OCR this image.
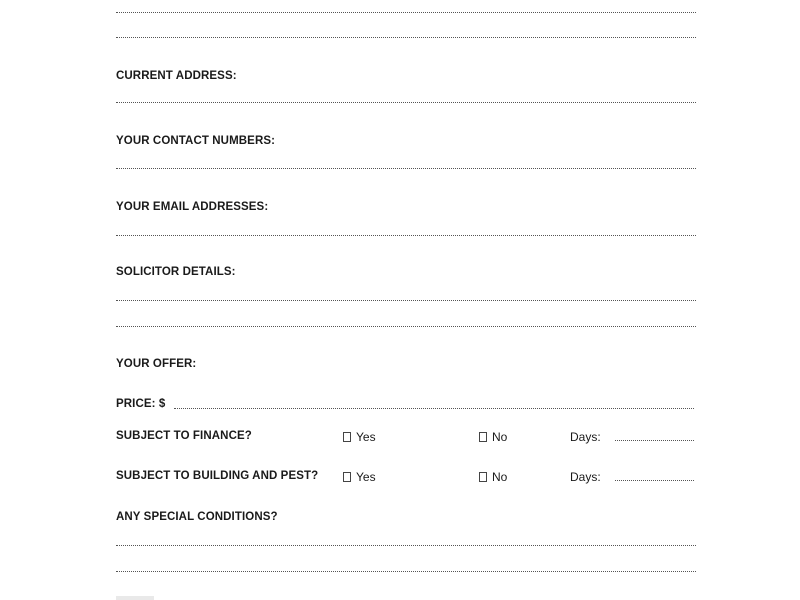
CURRENT ADDRESS:
YOUR CONTACT NUMBERS:
YOUR EMAIL ADDRESSES:
SOLICITOR DETAILS:
YOUR OFFER:
PRICE: $
SUBJECT TO FINANCE?	Yes	No	Days:
SUBJECT TO BUILDING AND PEST?	Yes	No	Days:
ANY SPECIAL CONDITIONS?
